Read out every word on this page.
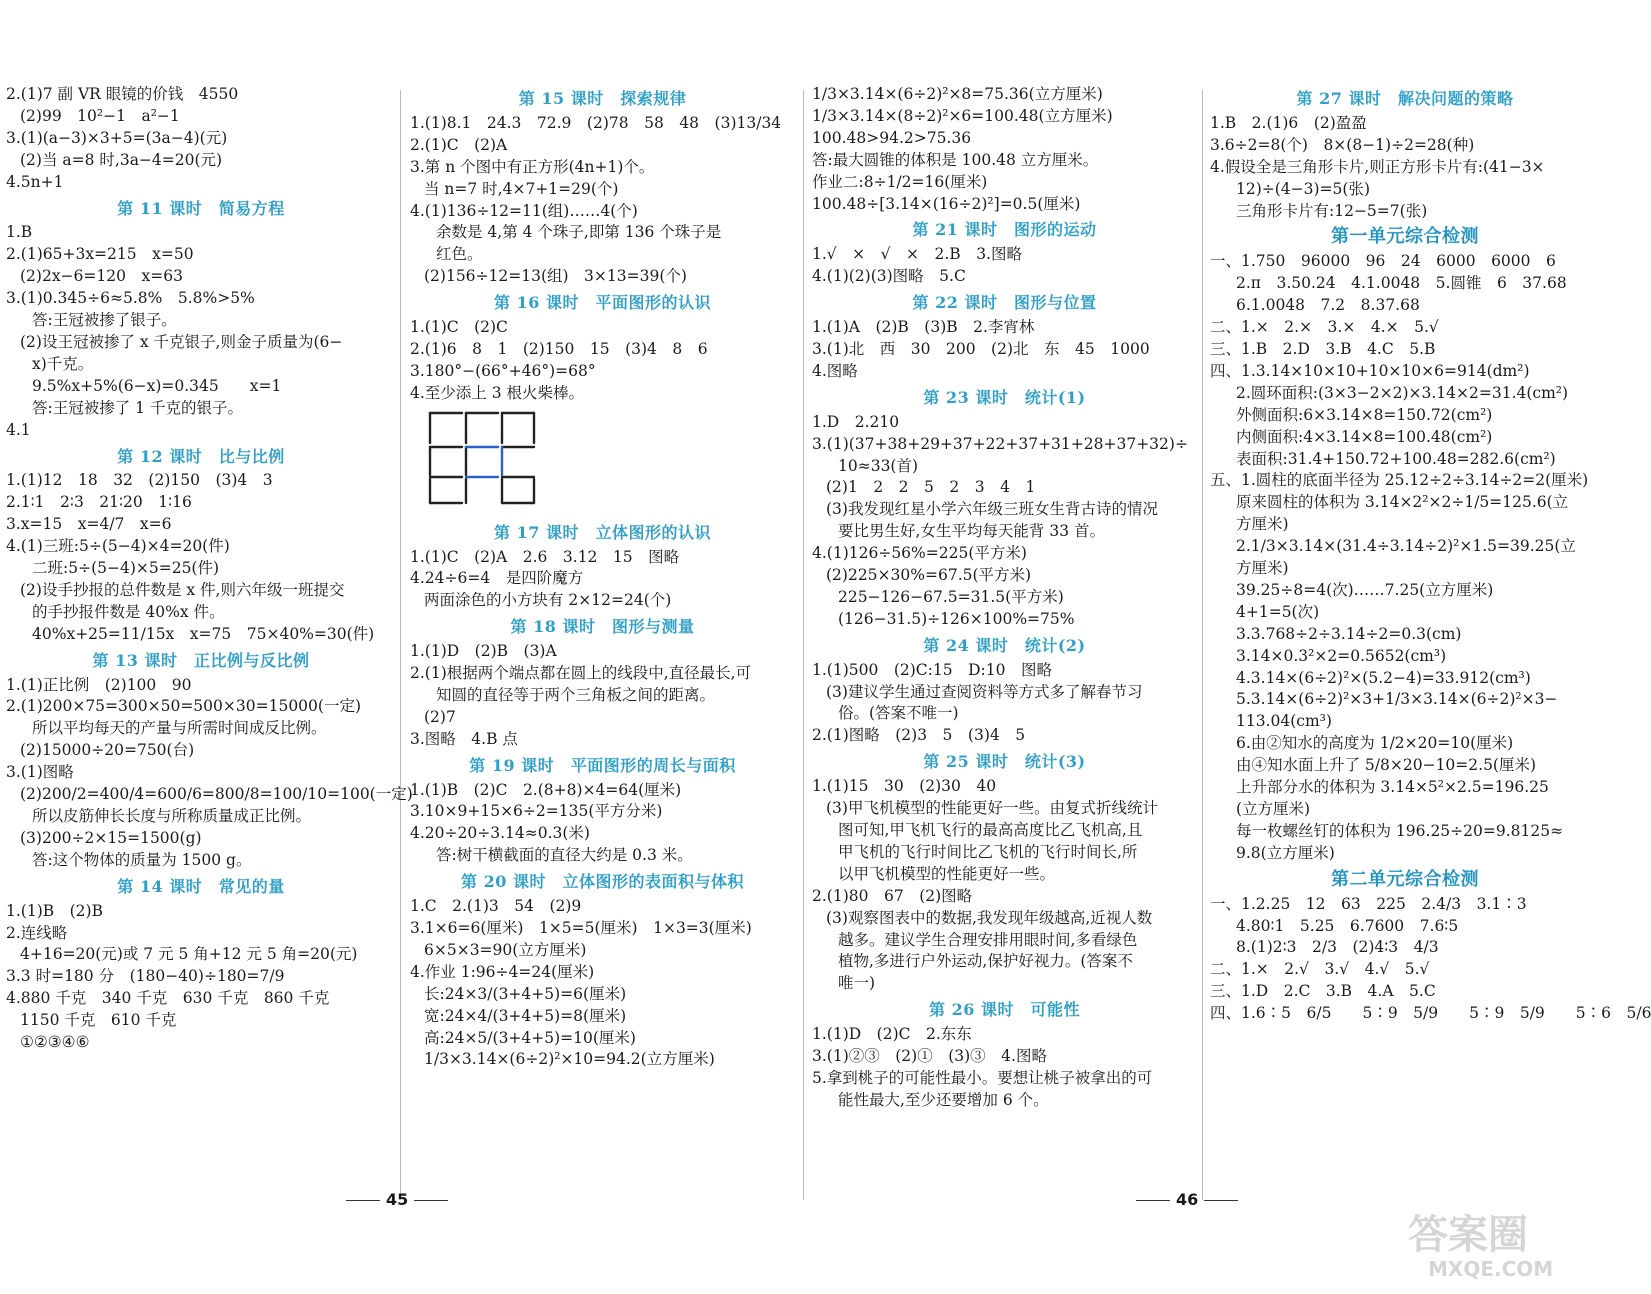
2.(1)7 副 VR 眼镜的价钱　4550
(2)99　10²−1　a²−1
3.(1)(a−3)×3+5=(3a−4)(元)
(2)当 a=8 时,3a−4=20(元)
4.5n+1
第 11 课时　简易方程
1.B
2.(1)65+3x=215　x=50
(2)2x−6=120　x=63
3.(1)0.345÷6≈5.8%　5.8%>5%
答:王冠被掺了银子。
(2)设王冠被掺了 x 千克银子,则金子质量为(6−
x)千克。
9.5%x+5%(6−x)=0.345　　x=1
答:王冠被掺了 1 千克的银子。
4.1
第 12 课时　比与比例
1.(1)12　18　32　(2)150　(3)4　3
2.1∶1　2∶3　21∶20　1∶16
3.x=15　x=4/7　x=6
4.(1)三班:5÷(5−4)×4=20(件)
二班:5÷(5−4)×5=25(件)
(2)设手抄报的总件数是 x 件,则六年级一班提交
的手抄报件数是 40%x 件。
40%x+25=11/15x　x=75　75×40%=30(件)
第 13 课时　正比例与反比例
1.(1)正比例　(2)100　90
2.(1)200×75=300×50=500×30=15000(一定)
所以平均每天的产量与所需时间成反比例。
(2)15000÷20=750(台)
3.(1)图略
(2)200/2=400/4=600/6=800/8=100/10=100(一定)
所以皮筋伸长长度与所称质量成正比例。
(3)200÷2×15=1500(g)
答:这个物体的质量为 1500 g。
第 14 课时　常见的量
1.(1)B　(2)B
2.连线略
4+16=20(元)或 7 元 5 角+12 元 5 角=20(元)
3.3 时=180 分　(180−40)÷180=7/9
4.880 千克　340 千克　630 千克　860 千克
1150 千克　610 千克
①②③④⑥
第 15 课时　探索规律
1.(1)8.1　24.3　72.9　(2)78　58　48　(3)13/34
2.(1)C　(2)A
3.第 n 个图中有正方形(4n+1)个。
当 n=7 时,4×7+1=29(个)
4.(1)136÷12=11(组)……4(个)
余数是 4,第 4 个珠子,即第 136 个珠子是
红色。
(2)156÷12=13(组)　3×13=39(个)
第 16 课时　平面图形的认识
1.(1)C　(2)C
2.(1)6　8　1　(2)150　15　(3)4　8　6
3.180°−(66°+46°)=68°
4.至少添上 3 根火柴棒。
第 17 课时　立体图形的认识
1.(1)C　(2)A　2.6　3.12　15　图略
4.24÷6=4　是四阶魔方
两面涂色的小方块有 2×12=24(个)
第 18 课时　图形与测量
1.(1)D　(2)B　(3)A
2.(1)根据两个端点都在圆上的线段中,直径最长,可
知圆的直径等于两个三角板之间的距离。
(2)7
3.图略　4.B 点
第 19 课时　平面图形的周长与面积
1.(1)B　(2)C　2.(8+8)×4=64(厘米)
3.10×9+15×6÷2=135(平方分米)
4.20÷20÷3.14≈0.3(米)
答:树干横截面的直径大约是 0.3 米。
第 20 课时　立体图形的表面积与体积
1.C　2.(1)3　54　(2)9
3.1×6=6(厘米)　1×5=5(厘米)　1×3=3(厘米)
6×5×3=90(立方厘米)
4.作业 1:96÷4=24(厘米)
长:24×3/(3+4+5)=6(厘米)
宽:24×4/(3+4+5)=8(厘米)
高:24×5/(3+4+5)=10(厘米)
1/3×3.14×(6÷2)²×10=94.2(立方厘米)
1/3×3.14×(6÷2)²×8=75.36(立方厘米)
1/3×3.14×(8÷2)²×6=100.48(立方厘米)
100.48>94.2>75.36
答:最大圆锥的体积是 100.48 立方厘米。
作业二:8÷1/2=16(厘米)
100.48÷[3.14×(16÷2)²]=0.5(厘米)
第 21 课时　图形的运动
1.√　×　√　×　2.B　3.图略
4.(1)(2)(3)图略　5.C
第 22 课时　图形与位置
1.(1)A　(2)B　(3)B　2.李宵林
3.(1)北　西　30　200　(2)北　东　45　1000
4.图略
第 23 课时　统计(1)
1.D　2.210
3.(1)(37+38+29+37+22+37+31+28+37+32)÷
10≈33(首)
(2)1　2　2　5　2　3　4　1
(3)我发现红星小学六年级三班女生背古诗的情况
要比男生好,女生平均每天能背 33 首。
4.(1)126÷56%=225(平方米)
(2)225×30%=67.5(平方米)
225−126−67.5=31.5(平方米)
(126−31.5)÷126×100%=75%
第 24 课时　统计(2)
1.(1)500　(2)C:15　D:10　图略
(3)建议学生通过查阅资料等方式多了解春节习
俗。(答案不唯一)
2.(1)图略　(2)3　5　(3)4　5
第 25 课时　统计(3)
1.(1)15　30　(2)30　40
(3)甲飞机模型的性能更好一些。由复式折线统计
图可知,甲飞机飞行的最高高度比乙飞机高,且
甲飞机的飞行时间比乙飞机的飞行时间长,所
以甲飞机模型的性能更好一些。
2.(1)80　67　(2)图略
(3)观察图表中的数据,我发现年级越高,近视人数
越多。建议学生合理安排用眼时间,多看绿色
植物,多进行户外运动,保护好视力。(答案不
唯一)
第 26 课时　可能性
1.(1)D　(2)C　2.东东
3.(1)②③　(2)①　(3)③　4.图略
5.拿到桃子的可能性最小。要想让桃子被拿出的可
能性最大,至少还要增加 6 个。
第 27 课时　解决问题的策略
1.B　2.(1)6　(2)盈盈
3.6÷2=8(个)　8×(8−1)÷2=28(种)
4.假设全是三角形卡片,则正方形卡片有:(41−3×
12)÷(4−3)=5(张)
三角形卡片有:12−5=7(张)
第一单元综合检测
一、1.750　96000　96　24　6000　6000　6
2.π　3.50.24　4.1.0048　5.圆锥　6　37.68
6.1.0048　7.2　8.37.68
二、1.×　2.×　3.×　4.×　5.√
三、1.B　2.D　3.B　4.C　5.B
四、1.3.14×10×10+10×10×6=914(dm²)
2.圆环面积:(3×3−2×2)×3.14×2=31.4(cm²)
外侧面积:6×3.14×8=150.72(cm²)
内侧面积:4×3.14×8=100.48(cm²)
表面积:31.4+150.72+100.48=282.6(cm²)
五、1.圆柱的底面半径为 25.12÷2÷3.14÷2=2(厘米)
原来圆柱的体积为 3.14×2²×2÷1/5=125.6(立
方厘米)
2.1/3×3.14×(31.4÷3.14÷2)²×1.5=39.25(立
方厘米)
39.25÷8=4(次)……7.25(立方厘米)
4+1=5(次)
3.3.768÷2÷3.14÷2=0.3(cm)
3.14×0.3²×2=0.5652(cm³)
4.3.14×(6÷2)²×(5.2−4)=33.912(cm³)
5.3.14×(6÷2)²×3+1/3×3.14×(6÷2)²×3−
113.04(cm³)
6.由②知水的高度为 1/2×20=10(厘米)
由④知水面上升了 5/8×20−10=2.5(厘米)
上升部分水的体积为 3.14×5²×2.5=196.25
(立方厘米)
每一枚螺丝钉的体积为 196.25÷20=9.8125≈
9.8(立方厘米)
第二单元综合检测
一、1.2.25　12　63　225　2.4/3　3.1∶3
4.80∶1　5.25　6.7600　7.6∶5
8.(1)2∶3　2/3　(2)4∶3　4/3
二、1.×　2.√　3.√　4.√　5.√
三、1.D　2.C　3.B　4.A　5.C
四、1.6∶5　6/5　　5∶9　5/9　　5∶9　5/9　　5∶6　5/6
45	46
答案圈
MXQE.COM
